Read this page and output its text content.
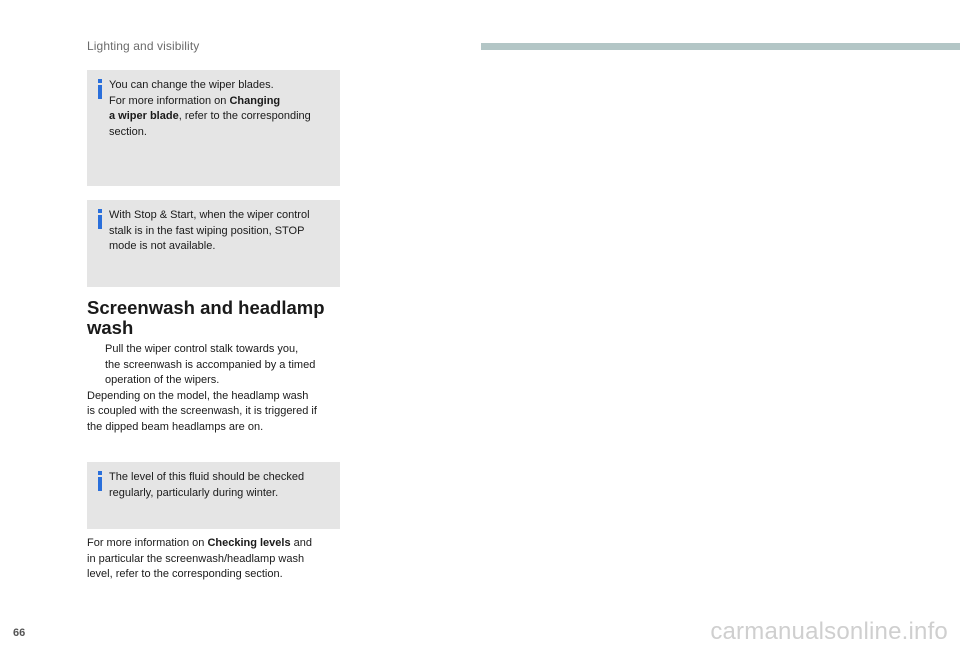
Lighting and visibility

You can change the wiper blades.
For more information on Changing
a wiper blade, refer to the corresponding
section.

With Stop & Start, when the wiper control
stalk is in the fast wiping position, STOP
mode is not available.

Screenwash and headlamp
wash
Pull the wiper control stalk towards you,
the screenwash is accompanied by a timed
operation of the wipers.
Depending on the model, the headlamp wash
is coupled with the screenwash, it is triggered if
the dipped beam headlamps are on.

The level of this fluid should be checked
regularly, particularly during winter.

For more information on Checking levels and
in particular the screenwash/headlamp wash
level, refer to the corresponding section.
66	carmanualsonline.info
